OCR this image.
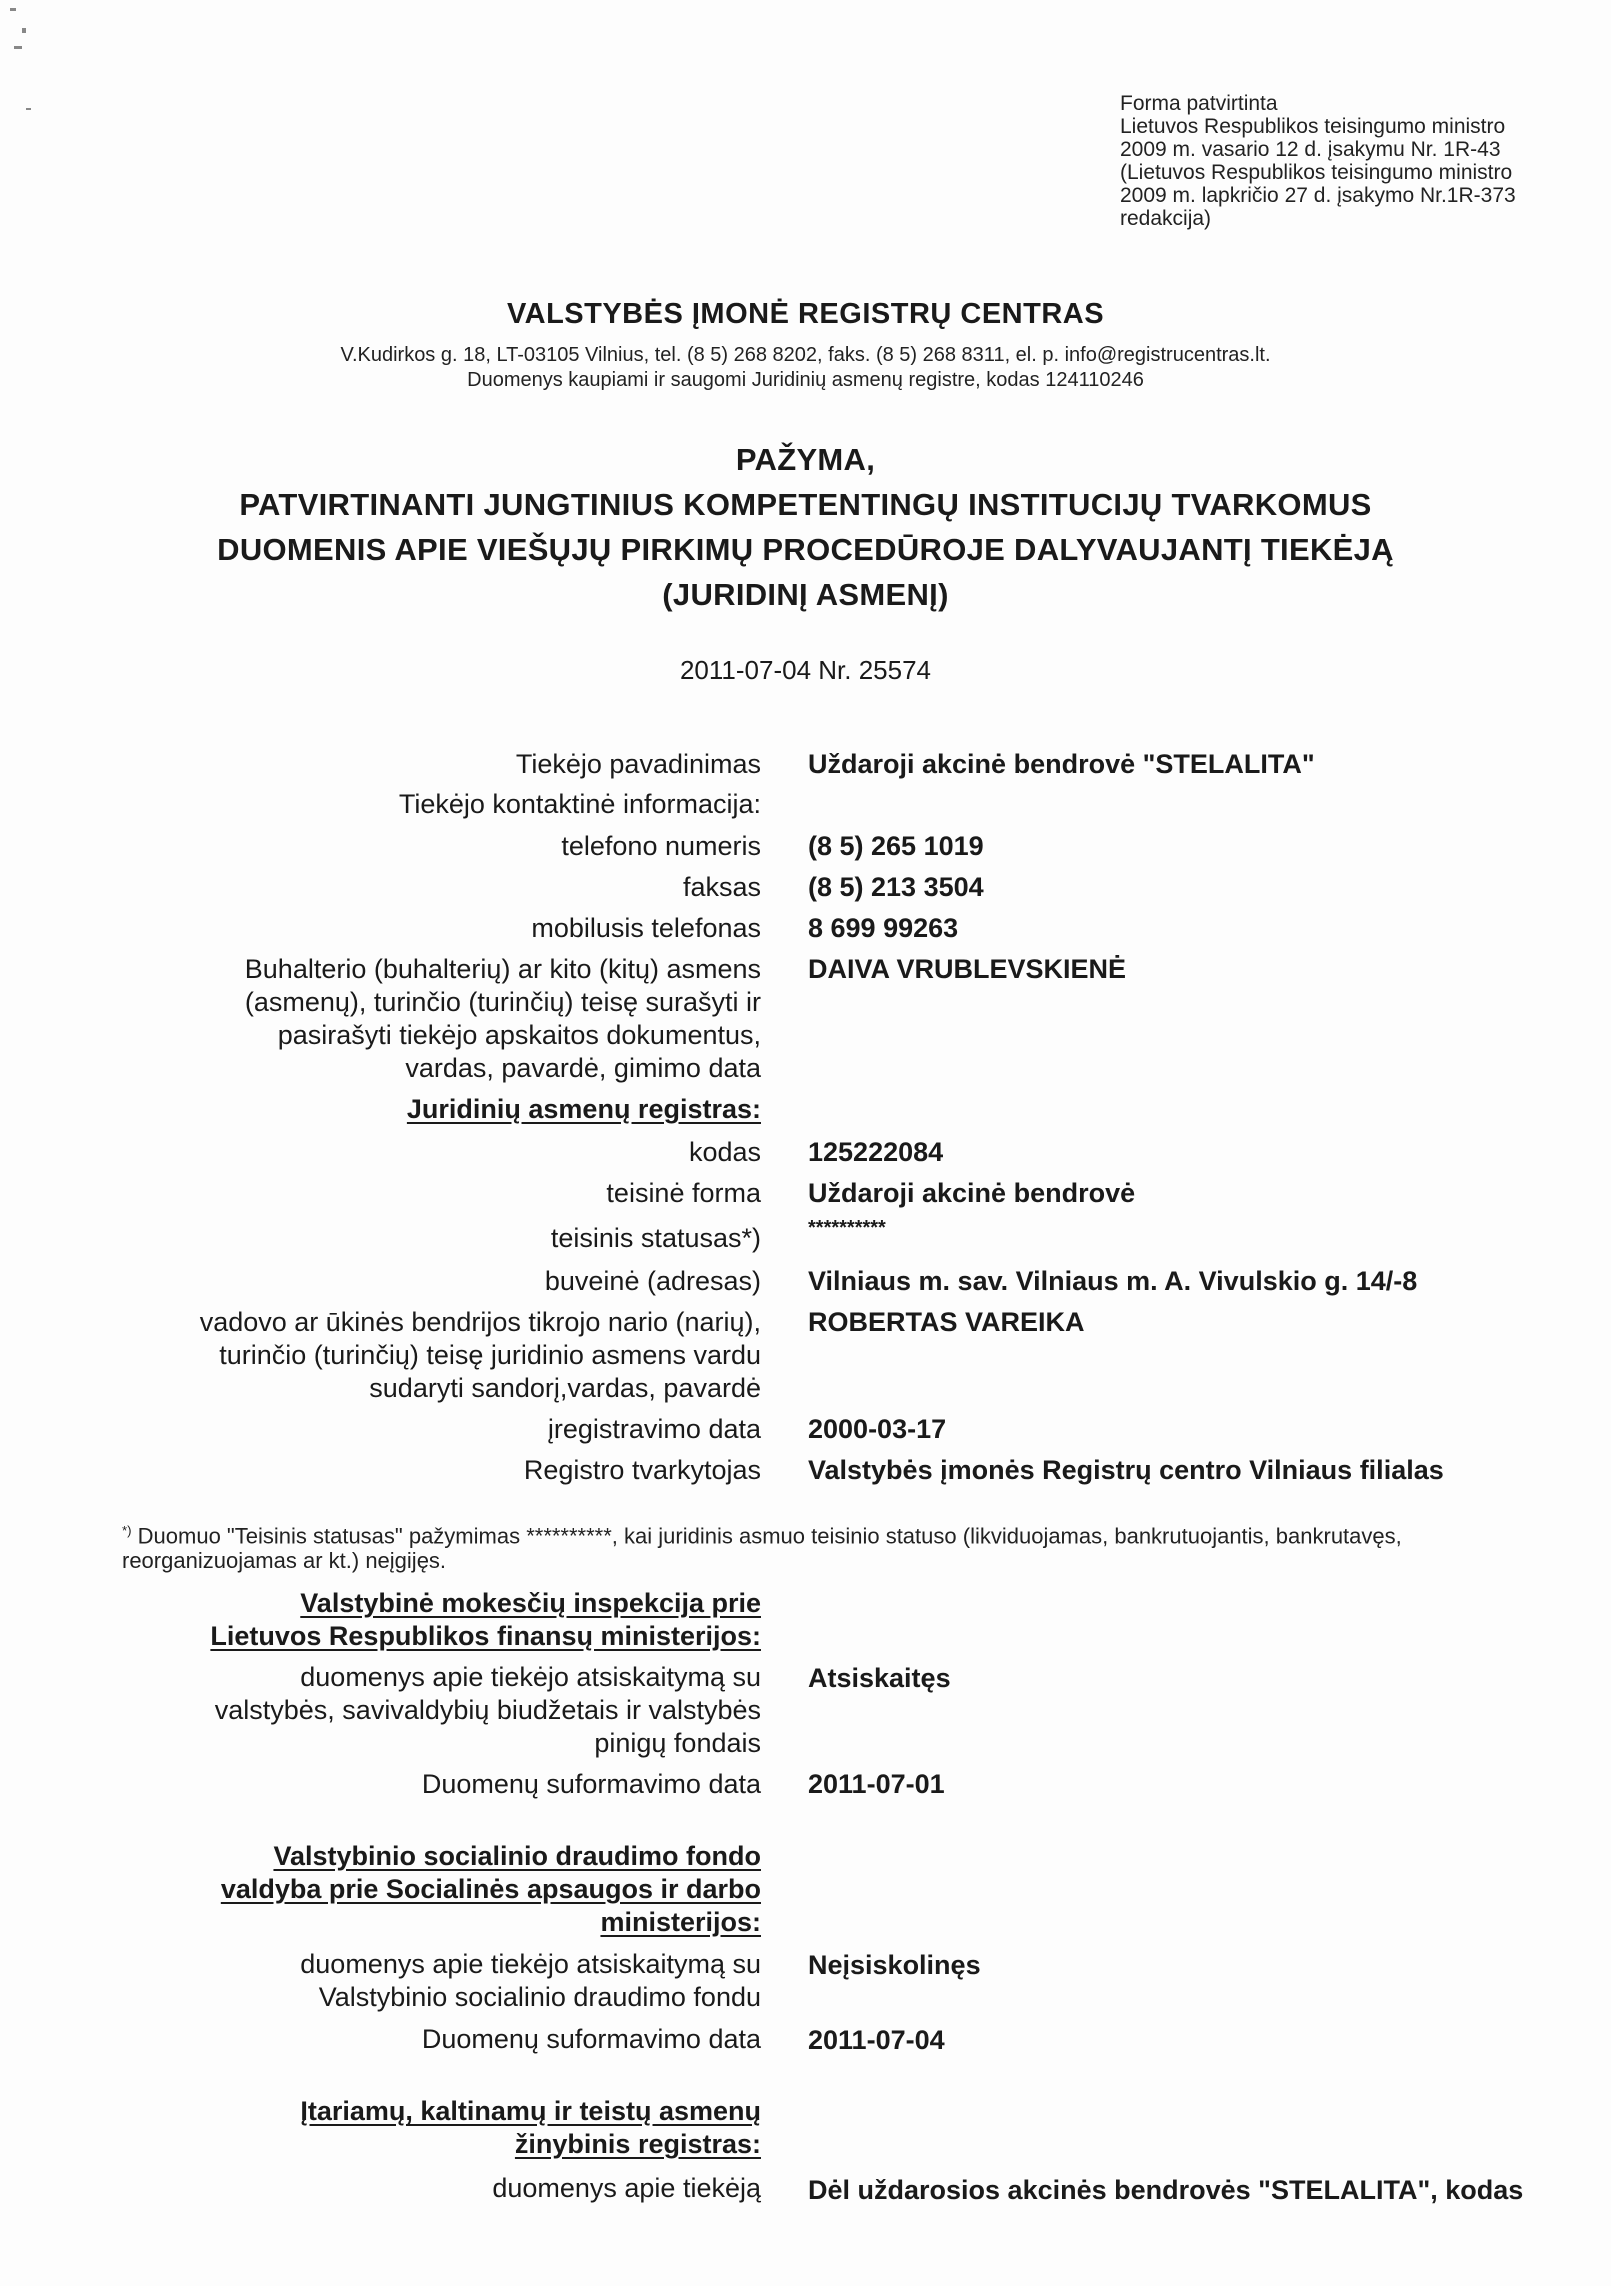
Forma patvirtinta
Lietuvos Respublikos teisingumo ministro
2009 m. vasario 12 d. įsakymu Nr. 1R-43
(Lietuvos Respublikos teisingumo ministro
2009 m. lapkričio 27 d. įsakymo Nr.1R-373
redakcija)
VALSTYBĖS ĮMONĖ REGISTRŲ CENTRAS
V.Kudirkos g. 18, LT-03105 Vilnius, tel. (8 5) 268 8202, faks. (8 5) 268 8311, el. p. info@registrucentras.lt.
Duomenys kaupiami ir saugomi Juridinių asmenų registre, kodas 124110246
PAŽYMA,
PATVIRTINANTI JUNGTINIUS KOMPETENTINGŲ INSTITUCIJŲ TVARKOMUS
DUOMENIS APIE VIEŠŲJŲ PIRKIMŲ PROCEDŪROJE DALYVAUJANTĮ TIEKĖJĄ
(JURIDINĮ ASMENĮ)
2011-07-04 Nr. 25574
Tiekėjo pavadinimas Uždaroji akcinė bendrovė "STELALITA"
Tiekėjo kontaktinė informacija:
telefono numeris (8 5) 265 1019
faksas (8 5) 213 3504
mobilusis telefonas 8 699 99263
Buhalterio (buhalterių) ar kito (kitų) asmens
(asmenų), turinčio (turinčių) teisę surašyti ir
pasirašyti tiekėjo apskaitos dokumentus,
vardas, pavardė, gimimo data
DAIVA VRUBLEVSKIENĖ
Juridinių asmenų registras:
kodas 125222084
teisinė forma Uždaroji akcinė bendrovė
teisinis statusas*) **********
buveinė (adresas) Vilniaus m. sav. Vilniaus m. A. Vivulskio g. 14/-8
vadovo ar ūkinės bendrijos tikrojo nario (narių),
turinčio (turinčių) teisę juridinio asmens vardu
sudaryti sandorį,vardas, pavardė
ROBERTAS VAREIKA
įregistravimo data 2000-03-17
Registro tvarkytojas Valstybės įmonės Registrų centro Vilniaus filialas
*) Duomuo "Teisinis statusas" pažymimas **********, kai juridinis asmuo teisinio statuso (likviduojamas, bankrutuojantis, bankrutavęs,
reorganizuojamas ar kt.) neįgijęs.
Valstybinė mokesčių inspekcija prie
Lietuvos Respublikos finansų ministerijos:
duomenys apie tiekėjo atsiskaitymą su
valstybės, savivaldybių biudžetais ir valstybės
pinigų fondais
Atsiskaitęs
Duomenų suformavimo data 2011-07-01
Valstybinio socialinio draudimo fondo
valdyba prie Socialinės apsaugos ir darbo
ministerijos:
duomenys apie tiekėjo atsiskaitymą su
Valstybinio socialinio draudimo fondu
Neįsiskolinęs
Duomenų suformavimo data 2011-07-04
Įtariamų, kaltinamų ir teistų asmenų
žinybinis registras:
duomenys apie tiekėją Dėl uždarosios akcinės bendrovės "STELALITA", kodas
